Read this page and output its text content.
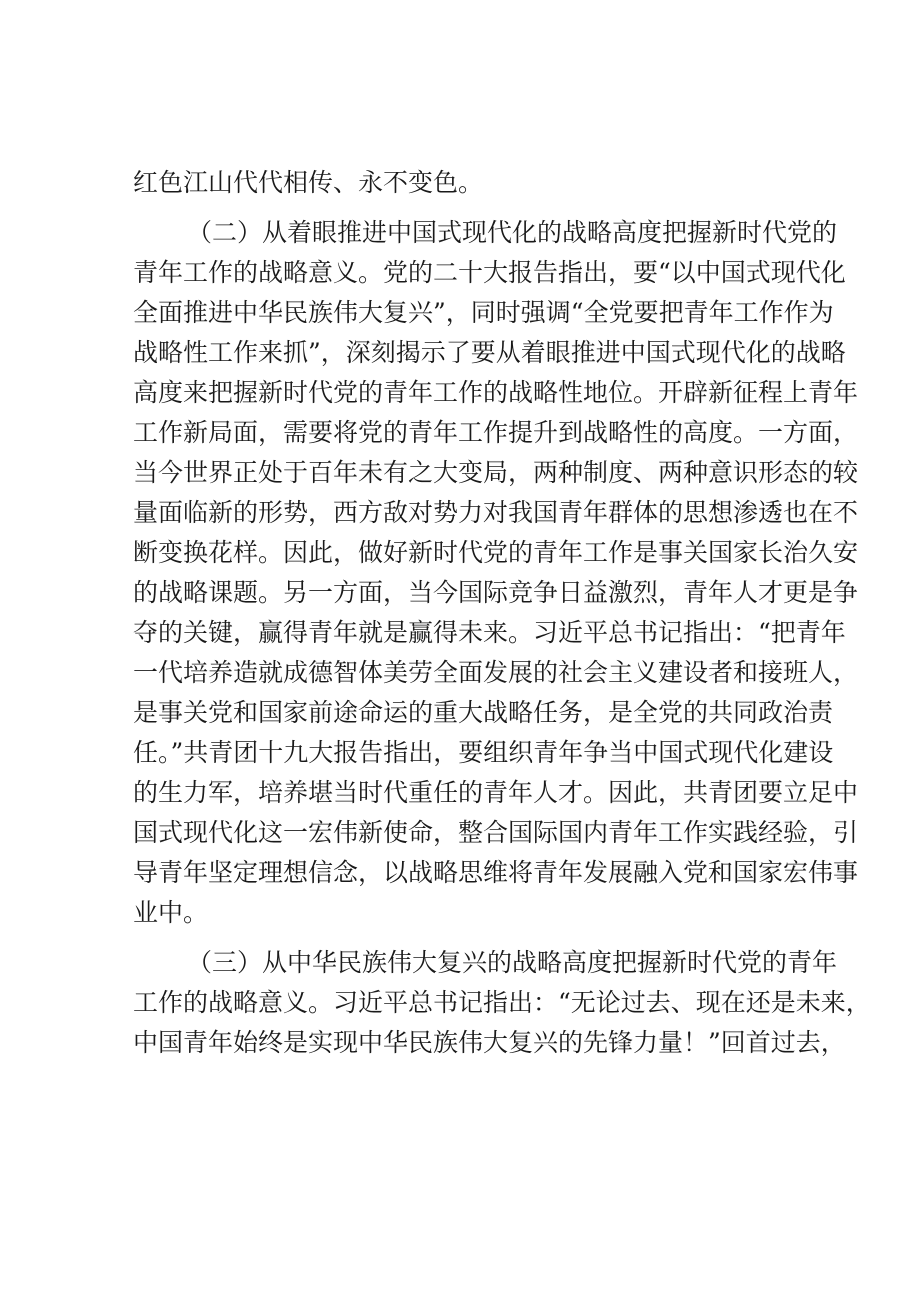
红色江山代代相传、永不变色。
（二）从着眼推进中国式现代化的战略高度把握新时代党的
青年工作的战略意义。党的二十大报告指出，要“以中国式现代化
全面推进中华民族伟大复兴”，同时强调“全党要把青年工作作为
战略性工作来抓”，深刻揭示了要从着眼推进中国式现代化的战略
高度来把握新时代党的青年工作的战略性地位。开辟新征程上青年
工作新局面，需要将党的青年工作提升到战略性的高度。一方面，
当今世界正处于百年未有之大变局，两种制度、两种意识形态的较
量面临新的形势，西方敌对势力对我国青年群体的思想渗透也在不
断变换花样。因此，做好新时代党的青年工作是事关国家长治久安
的战略课题。另一方面，当今国际竞争日益激烈，青年人才更是争
夺的关键，赢得青年就是赢得未来。习近平总书记指出：“把青年
一代培养造就成德智体美劳全面发展的社会主义建设者和接班人，
是事关党和国家前途命运的重大战略任务，是全党的共同政治责
任。”共青团十九大报告指出，要组织青年争当中国式现代化建设
的生力军，培养堪当时代重任的青年人才。因此，共青团要立足中
国式现代化这一宏伟新使命，整合国际国内青年工作实践经验，引
导青年坚定理想信念，以战略思维将青年发展融入党和国家宏伟事
业中。
（三）从中华民族伟大复兴的战略高度把握新时代党的青年
工作的战略意义。习近平总书记指出：“无论过去、现在还是未来，
中国青年始终是实现中华民族伟大复兴的先锋力量！”回首过去，
